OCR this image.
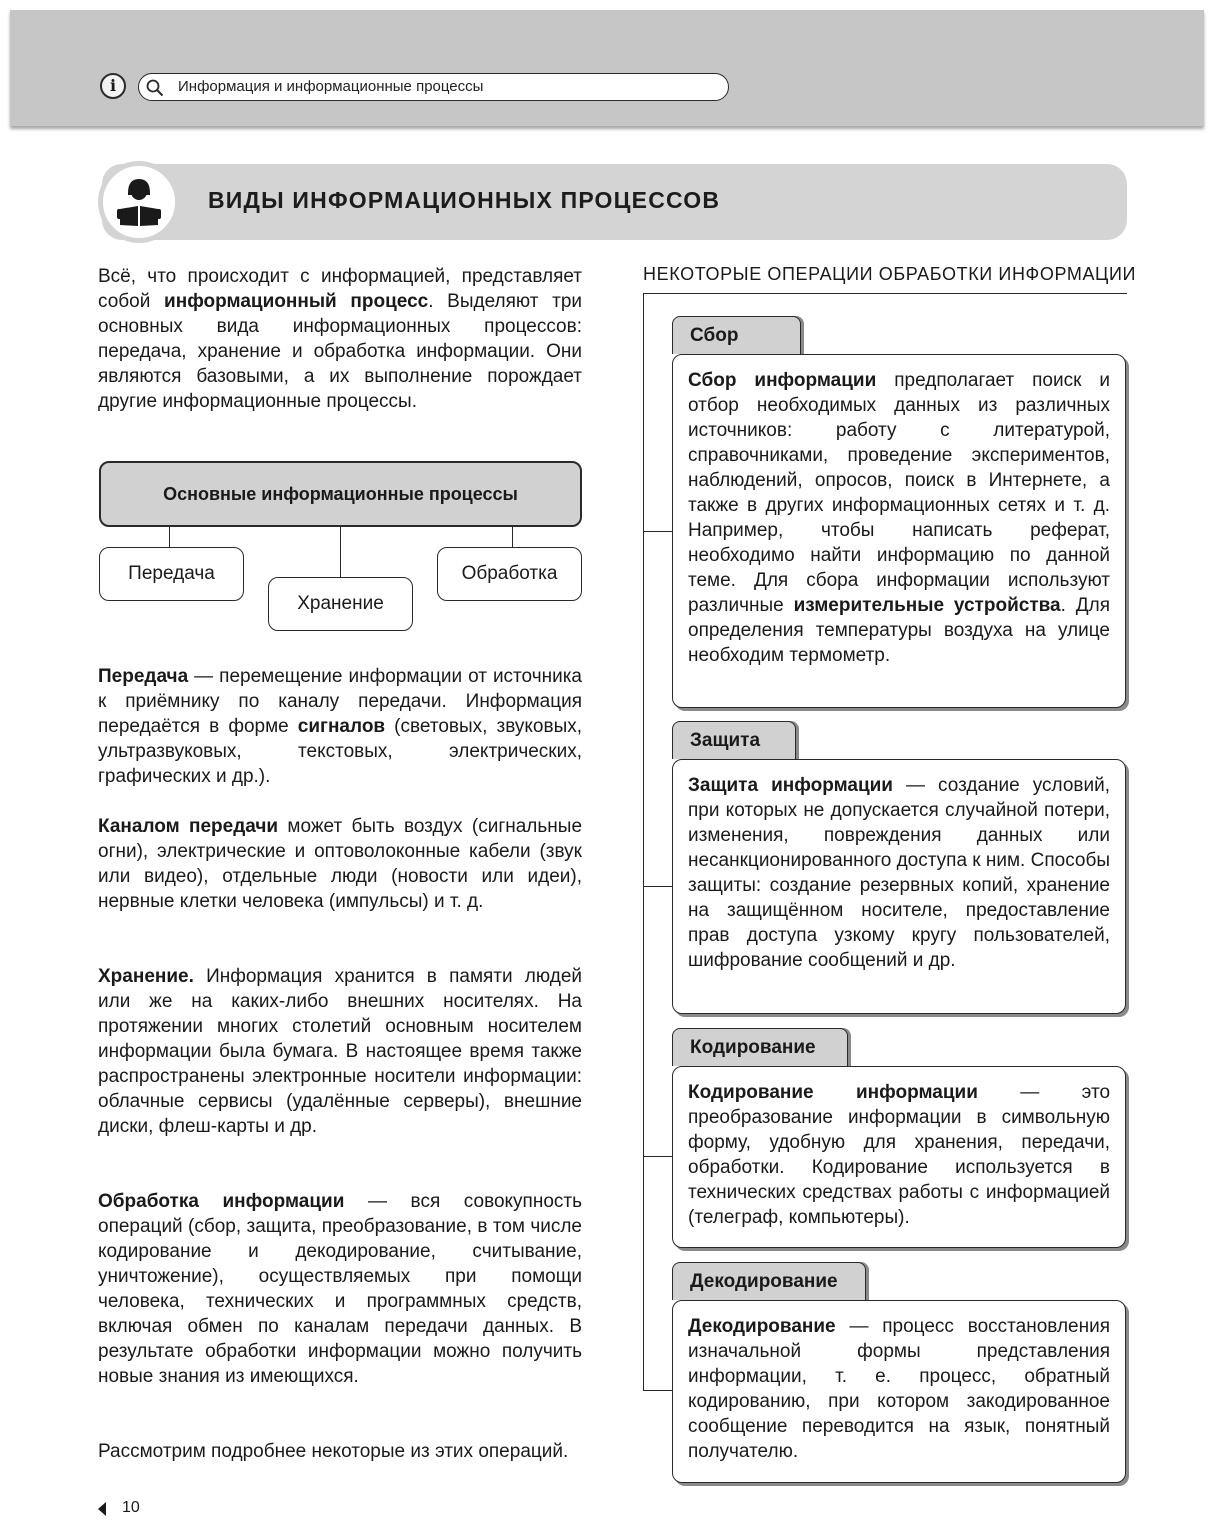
i	Информация и информационные процессы
ВИДЫ ИНФОРМАЦИОННЫХ ПРОЦЕССОВ

Всё, что происходит с информацией, представляет собой информационный процесс. Выделяют три основных вида информационных процессов: передача, хранение и обработка информации. Они являются базовыми, а их выполнение порождает другие информационные процессы.

Основные информационные процессы
Передача
Хранение
Обработка

Передача — перемещение информации от источника к приёмнику по каналу передачи. Информация передаётся в форме сигналов (световых, звуковых, ультразвуковых, текстовых, электрических, графических и др.).

Каналом передачи может быть воздух (сигнальные огни), электрические и оптоволоконные кабели (звук или видео), отдельные люди (новости или идеи), нервные клетки человека (импульсы) и т. д.

Хранение. Информация хранится в памяти людей или же на каких-либо внешних носителях. На протяжении многих столетий основным носителем информации была бумага. В настоящее время также распространены электронные носители информации: облачные сервисы (удалённые серверы), внешние диски, флеш-карты и др.

Обработка информации — вся совокупность операций (сбор, защита, преобразование, в том числе кодирование и декодирование, считывание, уничтожение), осуществляемых при помощи человека, технических и программных средств, включая обмен по каналам передачи данных. В результате обработки информации можно получить новые знания из имеющихся.

Рассмотрим подробнее некоторые из этих операций.

НЕКОТОРЫЕ ОПЕРАЦИИ ОБРАБОТКИ ИНФОРМАЦИИ
Сбор

Сбор информации предполагает поиск и отбор необходимых данных из различных источников: работу с литературой, справочниками, проведение экспериментов, наблюдений, опросов, поиск в Интернете, а также в других информационных сетях и т. д. Например, чтобы написать реферат, необходимо найти информацию по данной теме. Для сбора информации используют различные измерительные устройства. Для определения температуры воздуха на улице необходим термометр.

Защита

Защита информации — создание условий, при которых не допускается случайной потери, изменения, повреждения данных или несанкционированного доступа к ним. Способы защиты: создание резервных копий, хранение на защищённом носителе, предоставление прав доступа узкому кругу пользователей, шифрование сообщений и др.

Кодирование

Кодирование информации — это преобразование информации в символьную форму, удобную для хранения, передачи, обработки. Кодирование используется в технических средствах работы с информацией (телеграф, компьютеры).

Декодирование

Декодирование — процесс восстановления изначальной формы представления информации, т. е. процесс, обратный кодированию, при котором закодированное сообщение переводится на язык, понятный получателю.

10
